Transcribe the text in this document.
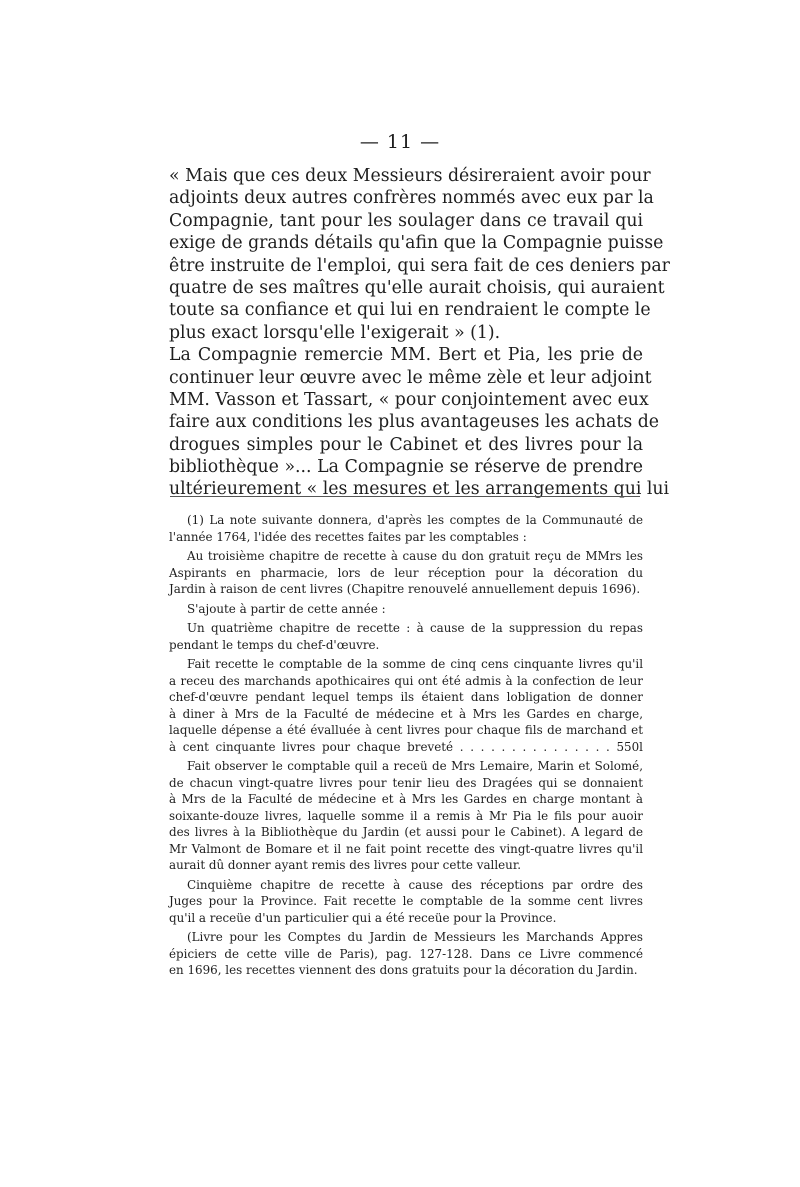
— 11 —
« Mais que ces deux Messieurs désireraient avoir pour
adjoints deux autres confrères nommés avec eux par la
Compagnie, tant pour les soulager dans ce travail qui
exige de grands détails qu'afin que la Compagnie puisse
être instruite de l'emploi, qui sera fait de ces deniers par
quatre de ses maîtres qu'elle aurait choisis, qui auraient
toute sa confiance et qui lui en rendraient le compte le
plus exact lorsqu'elle l'exigerait » (1).
La Compagnie remercie MM. Bert et Pia, les prie de
continuer leur œuvre avec le même zèle et leur adjoint
MM. Vasson et Tassart, « pour conjointement avec eux
faire aux conditions les plus avantageuses les achats de
drogues simples pour le Cabinet et des livres pour la
bibliothèque »... La Compagnie se réserve de prendre
ultérieurement « les mesures et les arrangements qui lui
(1) La note suivante donnera, d'après les comptes de la Communauté de
l'année 1764, l'idée des recettes faites par les comptables :
Au troisième chapitre de recette à cause du don gratuit reçu de MMrs les
Aspirants en pharmacie, lors de leur réception pour la décoration du
Jardin à raison de cent livres (Chapitre renouvelé annuellement depuis 1696).
S'ajoute à partir de cette année :
Un quatrième chapitre de recette : à cause de la suppression du repas
pendant le temps du chef-d'œuvre.
Fait recette le comptable de la somme de cinq cens cinquante livres qu'il
a receu des marchands apothicaires qui ont été admis à la confection de leur
chef-d'œuvre pendant lequel temps ils étaient dans lobligation de donner
à diner à Mrs de la Faculté de médecine et à Mrs les Gardes en charge,
laquelle dépense a été évalluée à cent livres pour chaque fils de marchand et
à cent cinquante livres pour chaque breveté . . . . . . . . . . . . . . . 550l
Fait observer le comptable quil a receü de Mrs Lemaire, Marin et Solomé,
de chacun vingt-quatre livres pour tenir lieu des Dragées qui se donnaient
à Mrs de la Faculté de médecine et à Mrs les Gardes en charge montant à
soixante-douze livres, laquelle somme il a remis à Mr Pia le fils pour auoir
des livres à la Bibliothèque du Jardin (et aussi pour le Cabinet). A legard de
Mr Valmont de Bomare et il ne fait point recette des vingt-quatre livres qu'il
aurait dû donner ayant remis des livres pour cette valleur.
Cinquième chapitre de recette à cause des réceptions par ordre des
Juges pour la Province. Fait recette le comptable de la somme cent livres
qu'il a receüe d'un particulier qui a été receüe pour la Province.
(Livre pour les Comptes du Jardin de Messieurs les Marchands Appres
épiciers de cette ville de Paris), pag. 127-128. Dans ce Livre commencé
en 1696, les recettes viennent des dons gratuits pour la décoration du Jardin.
